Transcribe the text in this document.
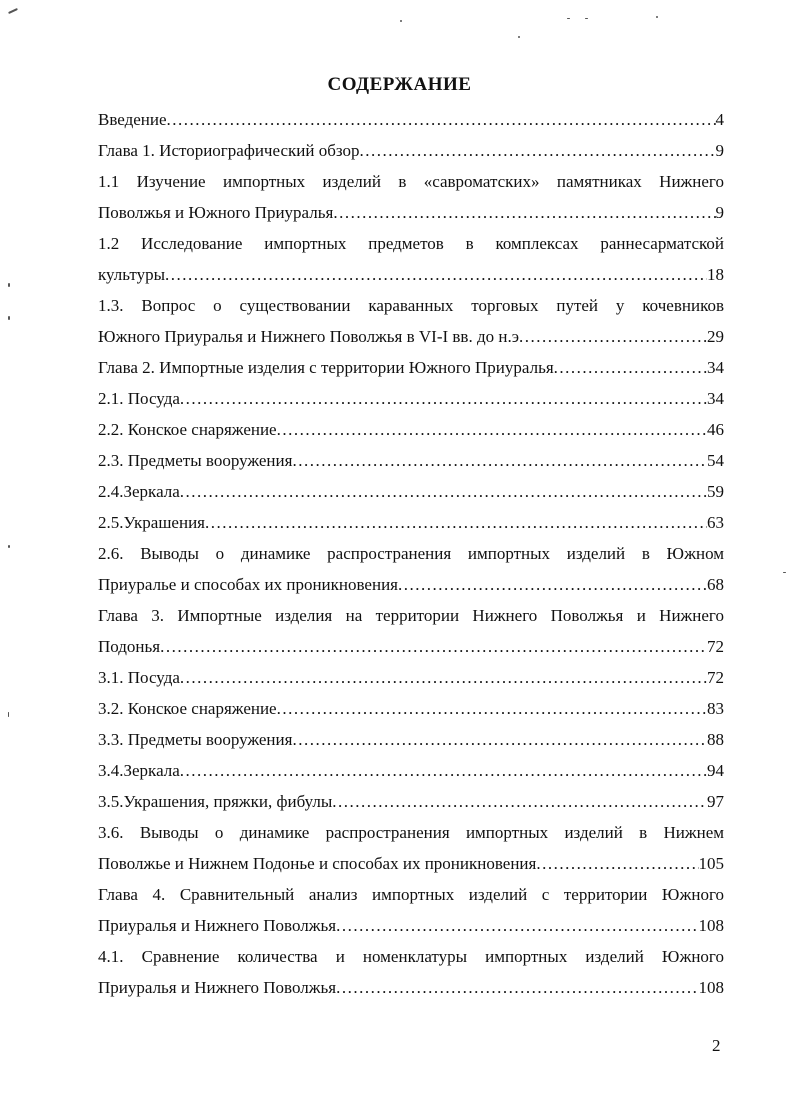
СОДЕРЖАНИЕ
Введение .....	4
Глава 1. Историографический обзор .....	9
1.1 Изучение импортных изделий в «савроматских» памятниках Нижнего
Поволжья и Южного Приуралья .....	9
1.2 Исследование импортных предметов в комплексах раннесарматской
культуры .....	18
1.3. Вопрос о существовании караванных торговых путей у кочевников
Южного Приуралья и Нижнего Поволжья в VI-I вв. до н.э .....	29
Глава 2. Импортные изделия с территории Южного Приуралья .....	34
2.1. Посуда .....	34
2.2. Конское снаряжение .....	46
2.3. Предметы вооружения .....	54
2.4.Зеркала .....	59
2.5.Украшения .....	63
2.6. Выводы о динамике распространения импортных изделий в Южном
Приуралье и способах их проникновения .....	68
Глава 3. Импортные изделия на территории Нижнего Поволжья и Нижнего
Подонья .....	72
3.1. Посуда .....	72
3.2. Конское снаряжение .....	83
3.3. Предметы вооружения .....	88
3.4.Зеркала .....	94
3.5.Украшения, пряжки, фибулы .....	97
3.6. Выводы о динамике распространения импортных изделий в Нижнем
Поволжье и Нижнем Подонье и способах их проникновения .....	105
Глава 4. Сравнительный анализ импортных изделий с территории Южного
Приуралья и Нижнего Поволжья .....	108
4.1. Сравнение количества и номенклатуры импортных изделий Южного
Приуралья и Нижнего Поволжья .....	108
2
